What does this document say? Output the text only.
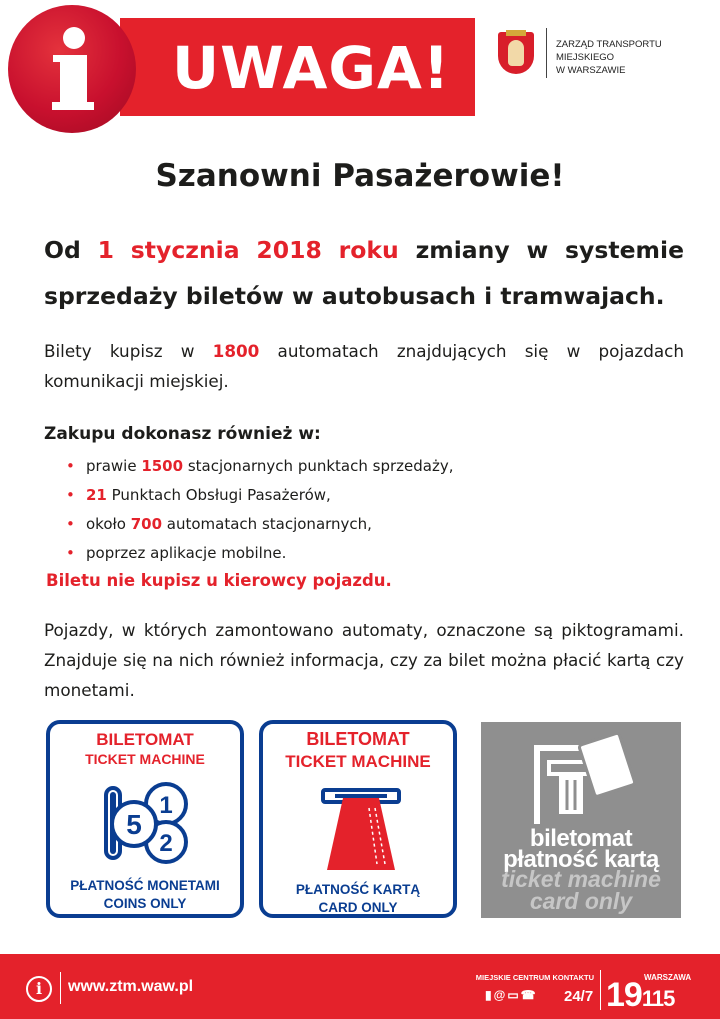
UWAGA!	ZARZĄD TRANSPORTU MIEJSKIEGO
W WARSZAWIE
Szanowni Pasażerowie!
Od 1 stycznia 2018 roku zmiany w systemie sprzedaży biletów w autobusach i tramwajach.
Bilety kupisz w 1800 automatach znajdujących się w pojazdach komunikacji miejskiej.
Zakupu dokonasz również w:
• prawie 1500 stacjonarnych punktach sprzedaży,
• 21 Punktach Obsługi Pasażerów,
• około 700 automatach stacjonarnych,
• poprzez aplikacje mobilne.
Biletu nie kupisz u kierowcy pojazdu.
Pojazdy, w których zamontowano automaty, oznaczone są piktogramami. Znajduje się na nich również informacja, czy za bilet można płacić kartą czy monetami.
BILETOMAT
TICKET MACHINE
1
2
5
PŁATNOŚĆ MONETAMI
COINS ONLY
BILETOMAT
TICKET MACHINE
PŁATNOŚĆ KARTĄ
CARD ONLY
biletomat
płatność kartą
ticket machine
card only
i	www.ztm.waw.pl
MIEJSKIE CENTRUM KONTAKTU
▮ @ ▭ ☎ 24/7
WARSZAWA
19115
